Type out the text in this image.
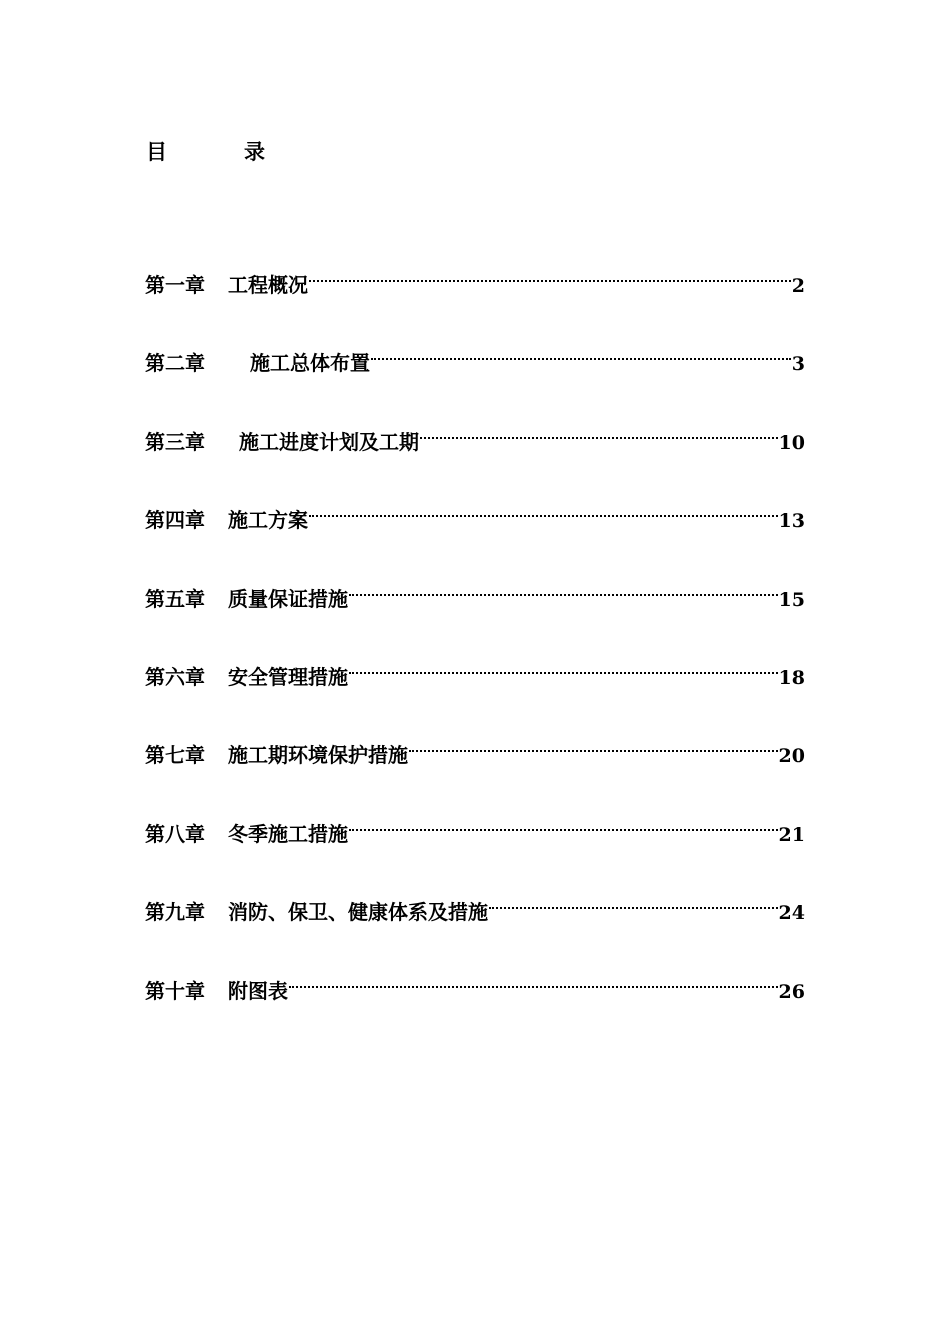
目	录
第一章 工程概况	2
第二章 施工总体布置	3
第三章 施工进度计划及工期	10
第四章 施工方案	13
第五章 质量保证措施	15
第六章 安全管理措施	18
第七章 施工期环境保护措施	20
第八章 冬季施工措施	21
第九章 消防、保卫、健康体系及措施	24
第十章 附图表	26
